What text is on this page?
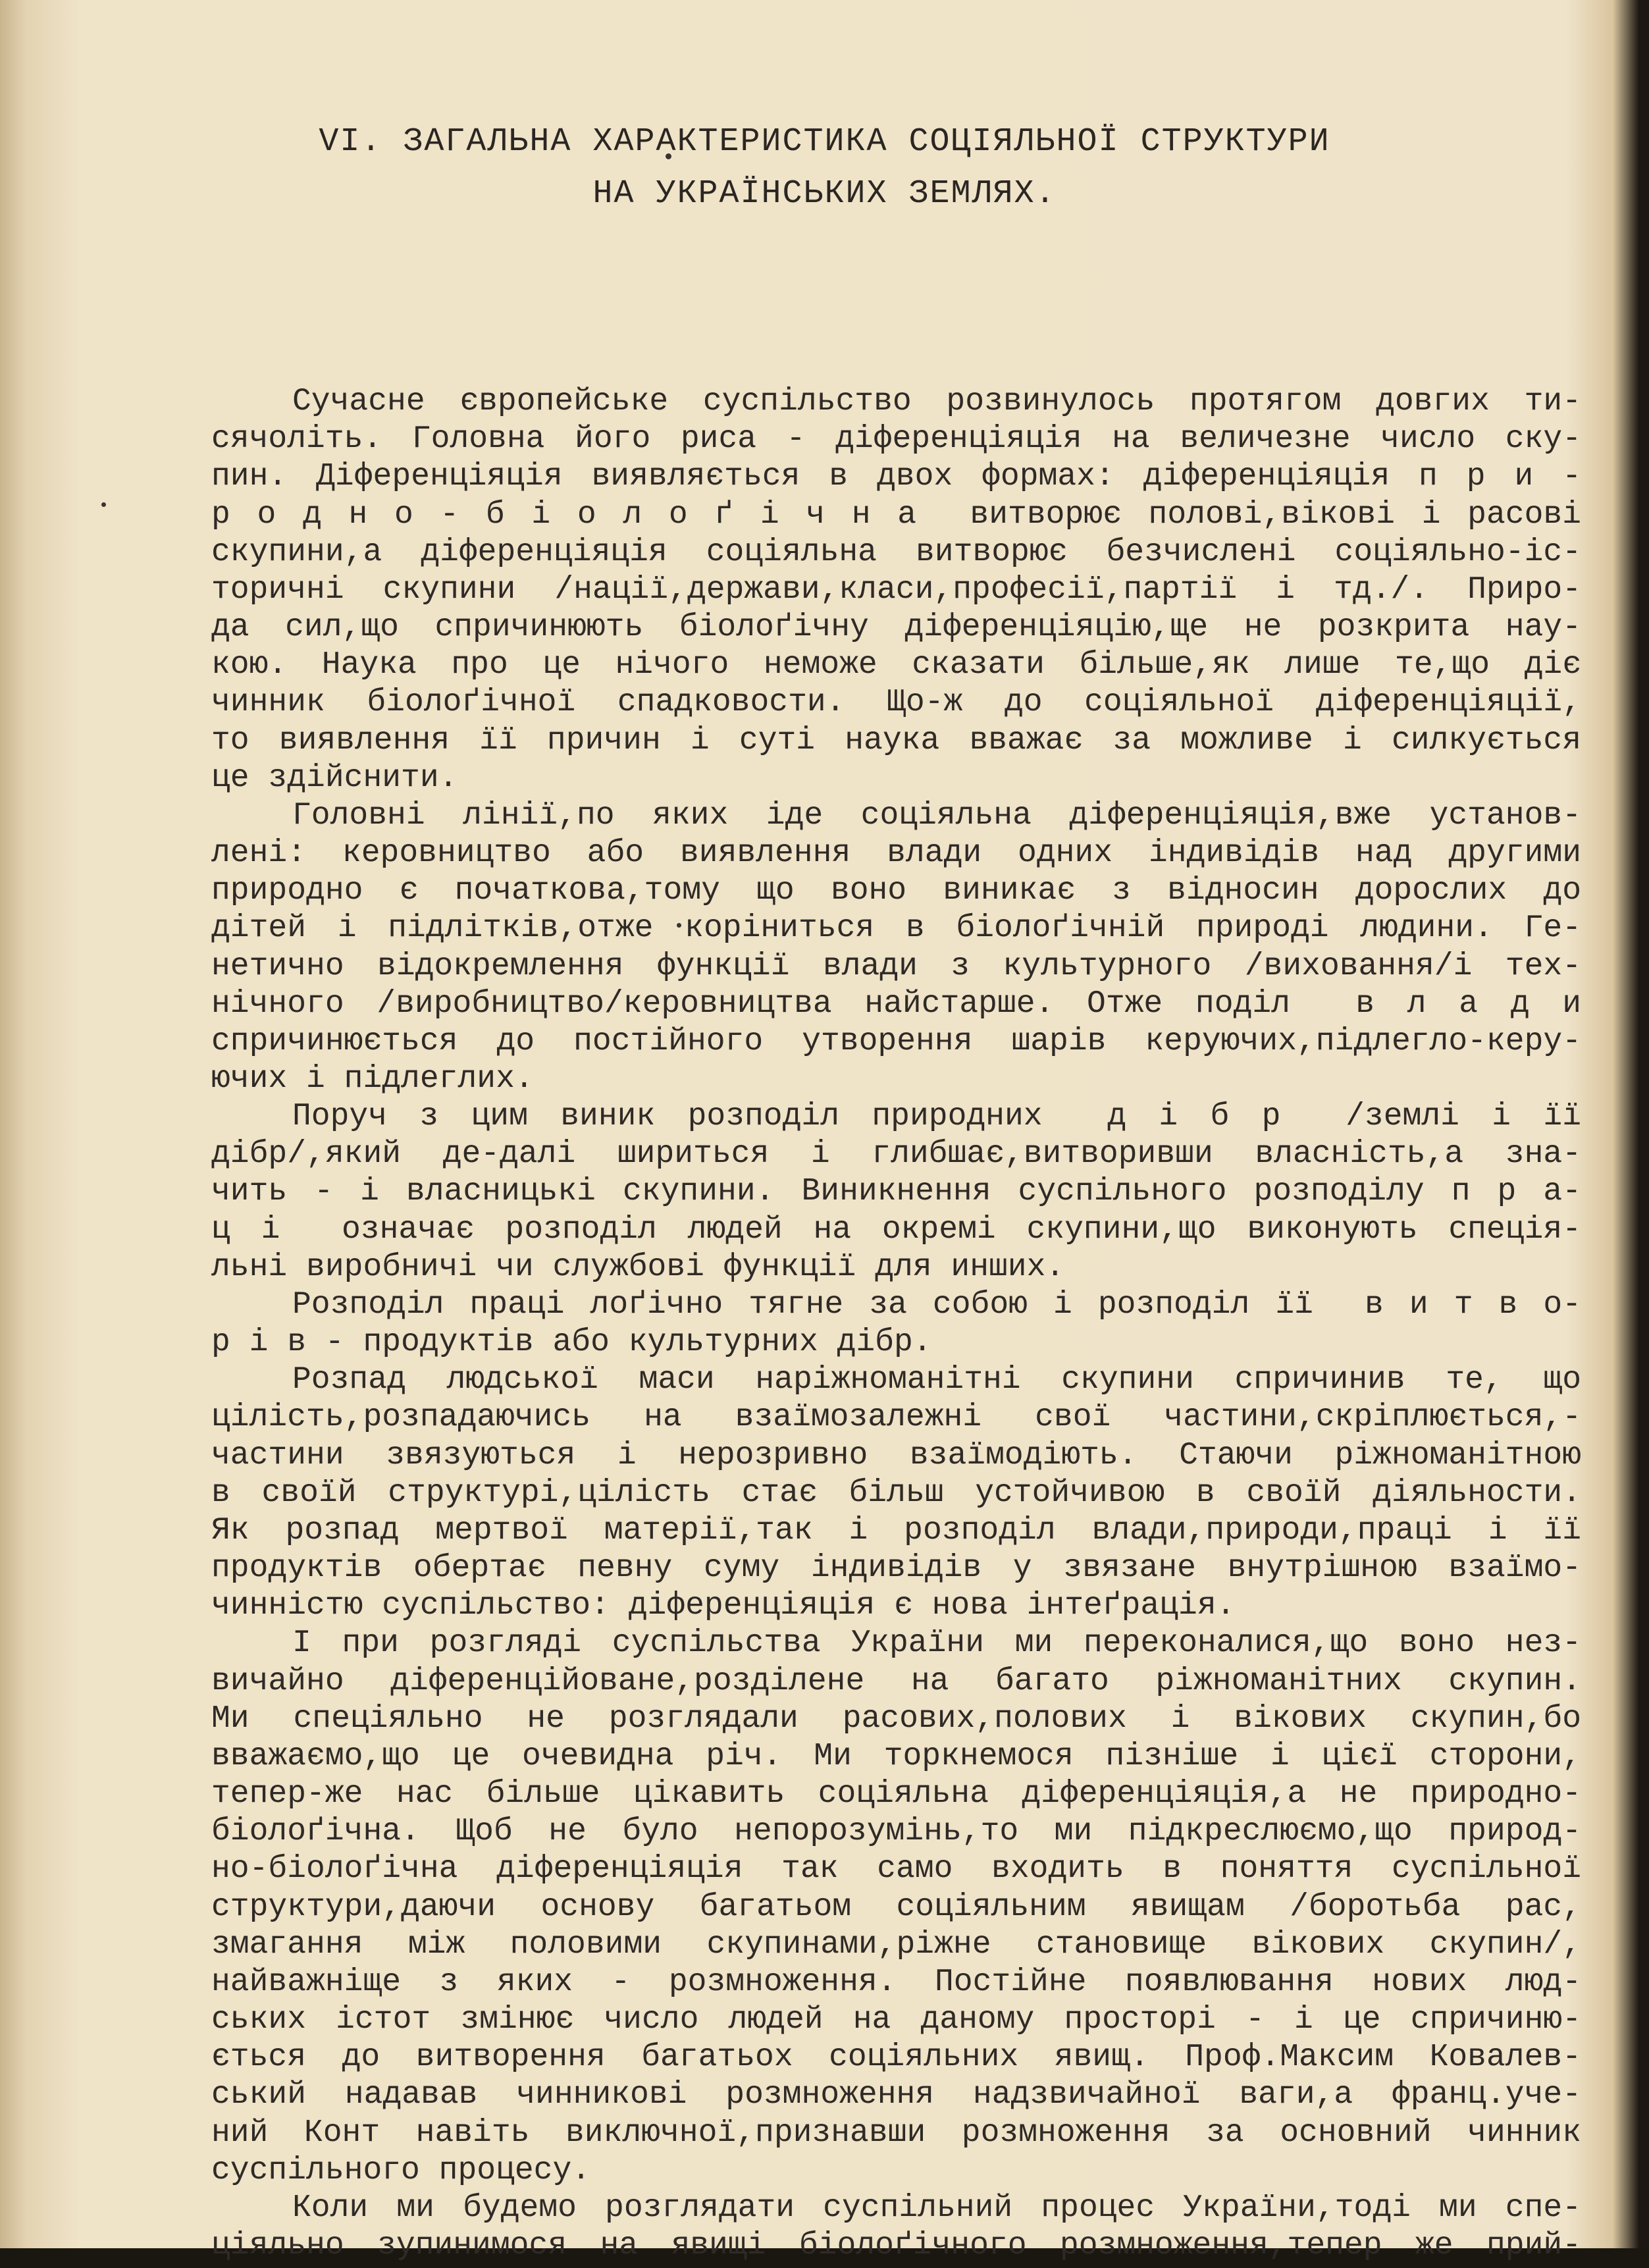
VI. ЗАГАЛЬНА ХАРАКТЕРИСТИКА СОЦІЯЛЬНОЇ СТРУКТУРИ
НА УКРАЇНСЬКИХ ЗЕМЛЯХ.
Сучасне європейське суспільство розвинулось протягом довгих ти-
сячоліть. Головна його риса - діференціяція на величезне число ску-
пин. Діференціяція виявляється в двох формах: діференціяція п р и -
р о д н о - б і о л о ґ і ч н а  витворює полові,вікові і расові
скупини,а діференціяція соціяльна витворює безчислені соціяльно-іс-
торичні скупини /нації,держави,класи,професії,партії і тд./. Приро-
да сил,що спричинюють біолоґічну діференціяцію,ще не розкрита нау-
кою. Наука про це нічого неможе сказати більше,як лише те,що діє
чинник біолоґічної спадковости. Що-ж до соціяльної діференціяції,
то виявлення її причин і суті наука вважає за можливе і силкується
це здійснити.
Головні лінії,по яких іде соціяльна діференціяція,вже установ-
лені: керовництво або виявлення влади одних індивідів над другими
природно є початкова,тому що воно виникає з відносин дорослих до
дітей і підлітків,отже коріниться в біолоґічній природі людини. Ге-
нетично відокремлення функції влади з культурного /виховання/і тех-
нічного /виробництво/керовництва найстарше. Отже поділ  в л а д и
спричинюється до постійного утворення шарів керуючих,підлегло-керу-
ючих і підлеглих.
Поруч з цим виник розподіл природних  д і б р  /землі і її
дібр/,який де-далі шириться і глибшає,витворивши власність,а зна-
чить - і власницькі скупини. Виникнення суспільного розподілу п р а-
ц і  означає розподіл людей на окремі скупини,що виконують спеція-
льні виробничі чи службові функції для инших.
Розподіл праці лоґічно тягне за собою і розподіл її  в и т в о-
р і в - продуктів або культурних дібр.
Розпад людської маси наріжноманітні скупини спричинив те, що
цілість,розпадаючись на взаїмозалежні свої частини,скріплюється,-
частини звязуються і нерозривно взаїмодіють. Стаючи ріжноманітною
в своїй структурі,цілість стає більш устойчивою в своїй діяльности.
Як розпад мертвої матерії,так і розподіл влади,природи,праці і її
продуктів обертає певну суму індивідів у звязане внутрішною взаїмо-
чинністю суспільство: діференціяція є нова інтеґрація.
І при розгляді суспільства України ми переконалися,що воно нез-
вичайно діференційоване,розділене на багато ріжноманітних скупин.
Ми спеціяльно не розглядали расових,полових і вікових скупин,бо
вважаємо,що це очевидна річ. Ми торкнемося пізніше і цієї сторони,
тепер-же нас більше цікавить соціяльна діференціяція,а не природно-
біолоґічна. Щоб не було непорозумінь,то ми підкреслюємо,що природ-
но-біолоґічна діференціяція так само входить в поняття суспільної
структури,даючи основу багатьом соціяльним явищам /боротьба рас,
змагання між половими скупинами,ріжне становище вікових скупин/,
найважніще з яких - розмноження. Постійне появлювання нових люд-
ських істот змінює число людей на даному просторі - і це спричиню-
ється до витворення багатьох соціяльних явищ. Проф.Максим Ковалев-
ський надавав чинникові розмноження надзвичайної ваги,а франц.уче-
ний Конт навіть виключної,признавши розмноження за основний чинник
суспільного процесу.
Коли ми будемо розглядати суспільний процес України,тоді ми спе-
ціяльно зупинимося на явищі біолоґічного розмноження,тепер же прий-
